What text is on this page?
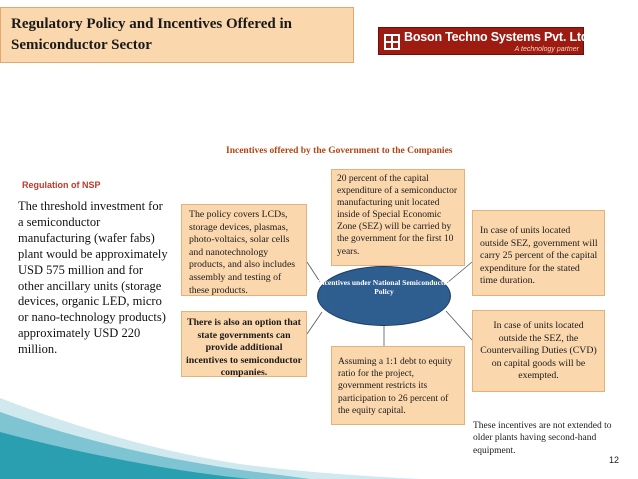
Regulatory Policy and Incentives Offered in
Semiconductor Sector	Boson Techno Systems Pvt. Ltd.
A technology partner
Incentives offered by the Government to the Companies
Regulation of NSP
The threshold investment for a semiconductor manufacturing (wafer fabs) plant would be approximately USD 575 million and for other ancillary units (storage devices, organic LED, micro or nano-technology products) approximately USD 220 million.
20 percent of the capital expenditure of a semiconductor manufacturing unit located inside of Special Economic Zone (SEZ) will be carried by the government for the first 10 years.
The policy covers LCDs, storage devices, plasmas, photo-voltaics, solar cells and nanotechnology products, and also includes assembly and testing of these products.
In case of units located outside SEZ, government will carry 25 percent of the capital expenditure for the stated time duration.
There is also an option that state governments can provide additional incentives to semiconductor companies.
In case of units located outside the SEZ, the Countervailing Duties (CVD) on capital goods will be exempted.
Assuming a 1:1 debt to equity ratio for the project, government restricts its participation to 26 percent of the equity capital.
Incentives under National Semiconductor Policy
These incentives are not extended to older plants having second-hand equipment.
12
